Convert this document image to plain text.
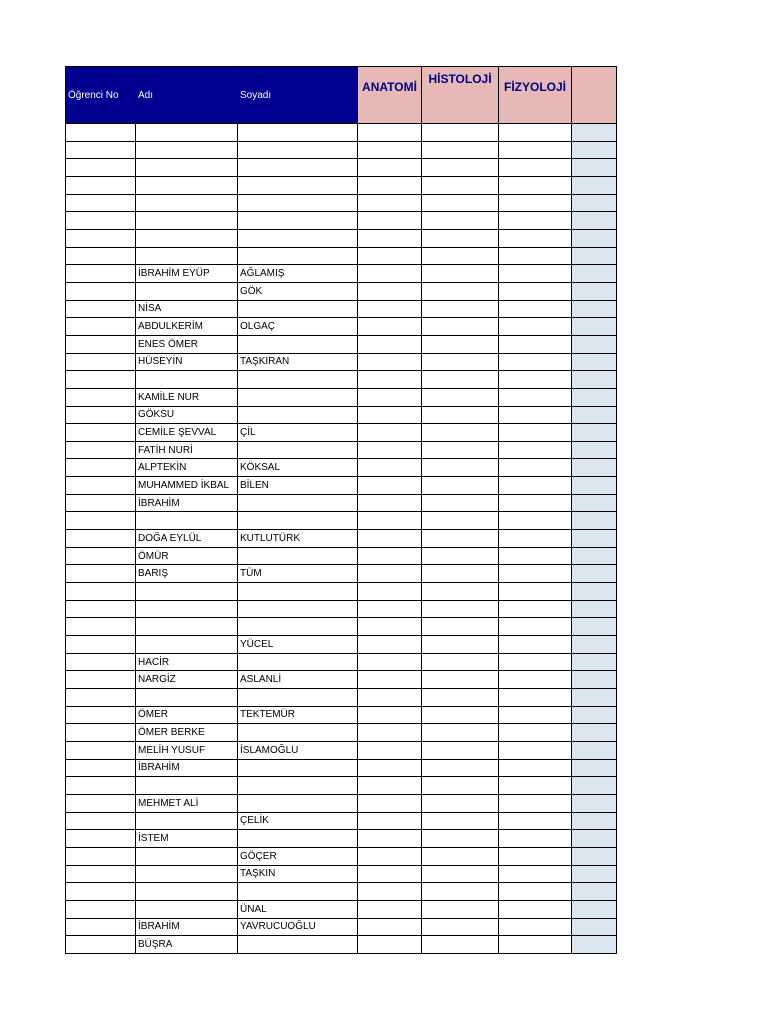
Öğrenci No	Adı	Soyadı	ANATOMİ	HİSTOLOJİ	FİZYOLOJİ	

	İBRAHİM EYÜP	AĞLAMIŞ				
		GÖK				
	NİSA					
	ABDULKERİM	OLGAÇ				
	ENES ÖMER					
	HÜSEYİN	TAŞKIRAN				

	KAMİLE NUR					
	GÖKSU					
	CEMİLE ŞEVVAL	ÇİL				
	FATİH NURİ					
	ALPTEKİN	KÖKSAL				
	MUHAMMED İKBAL	BİLEN				
	İBRAHİM					

	DOĞA EYLÜL	KUTLUTÜRK				
	ÖMÜR					
	BARIŞ	TÜM				

		YÜCEL				
	HACİR					
	NARGİZ	ASLANLİ				

	ÖMER	TEKTEMÜR				
	ÖMER BERKE					
	MELİH YUSUF	İSLAMOĞLU				
	İBRAHİM					

	MEHMET ALİ					
		ÇELİK				
	İSTEM					
		GÖÇER				
		TAŞKIN				

		ÜNAL				
	İBRAHİM	YAVRUCUOĞLU				
	BÜŞRA					
